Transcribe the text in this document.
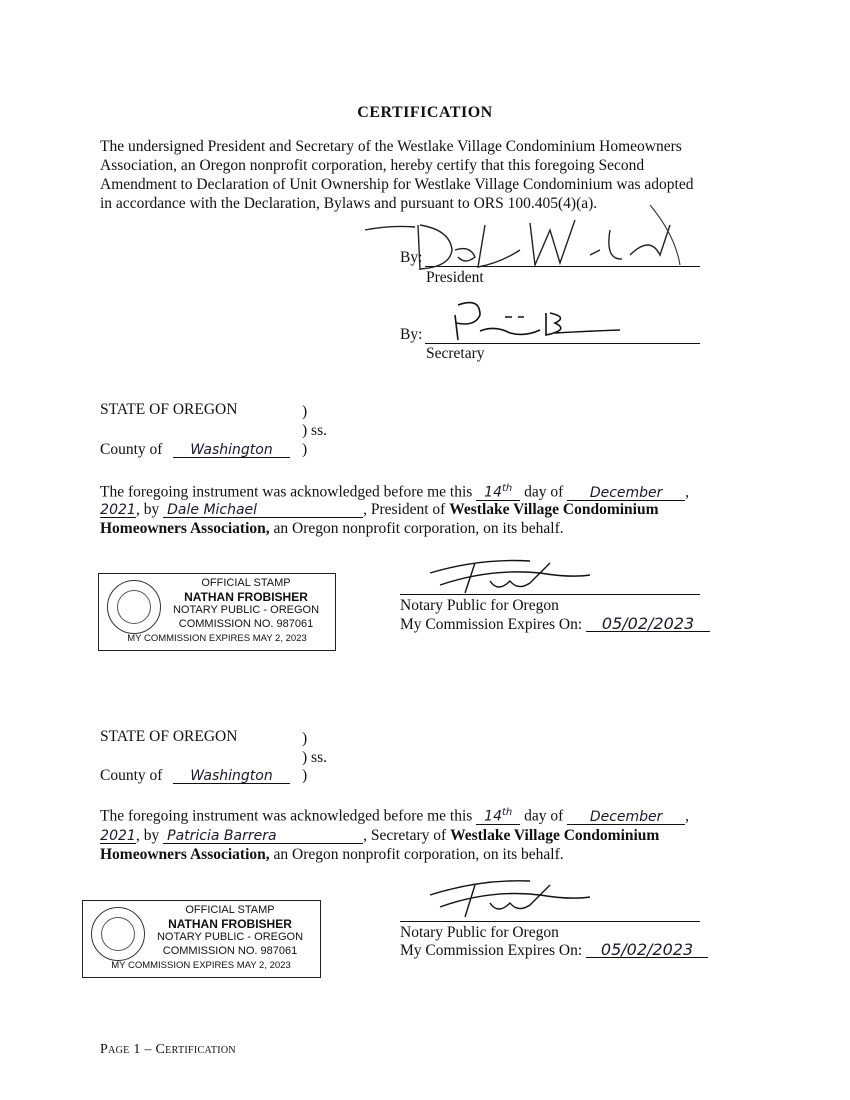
CERTIFICATION
The undersigned President and Secretary of the Westlake Village Condominium Homeowners
Association, an Oregon nonprofit corporation, hereby certify that this foregoing Second
Amendment to Declaration of Unit Ownership for Westlake Village Condominium was adopted
in accordance with the Declaration, Bylaws and pursuant to ORS 100.405(4)(a).
By:
President
By:
Secretary
STATE OF OREGON	)
) ss.
County of	Washington	)
The foregoing instrument was acknowledged before me this 14th day of December ,
2021, by Dale Michael	, President of Westlake Village Condominium
Homeowners Association, an Oregon nonprofit corporation, on its behalf.
OFFICIAL STAMP
NATHAN FROBISHER
NOTARY PUBLIC - OREGON
COMMISSION NO. 987061
MY COMMISSION EXPIRES MAY 2, 2023
Notary Public for Oregon
My Commission Expires On: 05/02/2023
STATE OF OREGON	)
) ss.
County of	Washington	)
The foregoing instrument was acknowledged before me this 14th day of December ,
2021, by Patricia Barrera	, Secretary of Westlake Village Condominium
Homeowners Association, an Oregon nonprofit corporation, on its behalf.
OFFICIAL STAMP
NATHAN FROBISHER
NOTARY PUBLIC - OREGON
COMMISSION NO. 987061
MY COMMISSION EXPIRES MAY 2, 2023
Notary Public for Oregon
My Commission Expires On: 05/02/2023
Page 1 – Certification
